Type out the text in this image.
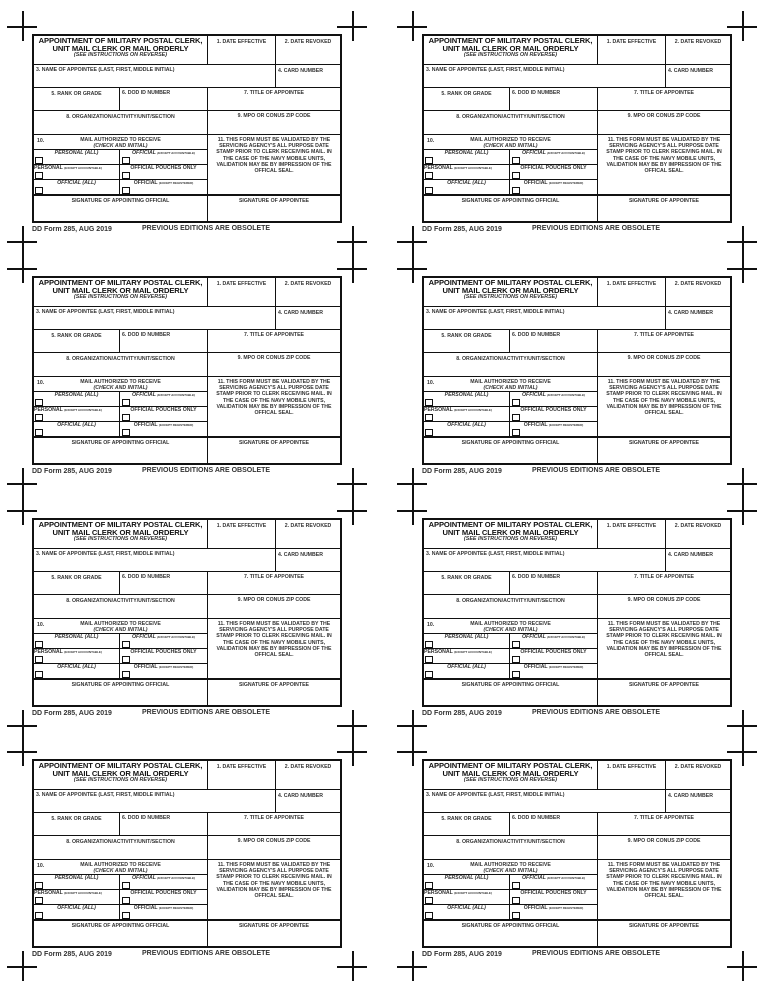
APPOINTMENT OF MILITARY POSTAL CLERK,
UNIT MAIL CLERK OR MAIL ORDERLY
(SEE INSTRUCTIONS ON REVERSE)
1. DATE EFFECTIVE	2. DATE REVOKED
3. NAME OF APPOINTEE (LAST, FIRST, MIDDLE INITIAL)	4. CARD NUMBER
5. RANK OR GRADE	6. DOD ID NUMBER	7. TITLE OF APPOINTEE
8. ORGANIZATION/ACTIVITY/UNIT/SECTION	9. MPO OR CONUS ZIP CODE
10.	MAIL AUTHORIZED TO RECEIVE
(CHECK AND INITIAL)
PERSONAL (ALL)	OFFICIAL (EXCEPT ACCOUNTABLE)
PERSONAL (EXCEPT ACCOUNTABLE)	OFFICIAL POUCHES ONLY
OFFICIAL (ALL)	OFFICIAL (EXCEPT REGISTERED)
11. THIS FORM MUST BE VALIDATED BY THE SERVICING AGENCY'S ALL PURPOSE DATE STAMP PRIOR TO CLERK RECEIVING MAIL. IN THE CASE OF THE NAVY MOBILE UNITS, VALIDATION MAY BE BY IMPRESSION OF THE OFFICAL SEAL.
SIGNATURE OF APPOINTING OFFICIAL	SIGNATURE OF APPOINTEE
DD Form 285, AUG 2019	PREVIOUS EDITIONS ARE OBSOLETE
APPOINTMENT OF MILITARY POSTAL CLERK,
UNIT MAIL CLERK OR MAIL ORDERLY
(SEE INSTRUCTIONS ON REVERSE)
1. DATE EFFECTIVE	2. DATE REVOKED
3. NAME OF APPOINTEE (LAST, FIRST, MIDDLE INITIAL)	4. CARD NUMBER
5. RANK OR GRADE	6. DOD ID NUMBER	7. TITLE OF APPOINTEE
8. ORGANIZATION/ACTIVITY/UNIT/SECTION	9. MPO OR CONUS ZIP CODE
10.	MAIL AUTHORIZED TO RECEIVE
(CHECK AND INITIAL)
PERSONAL (ALL)	OFFICIAL (EXCEPT ACCOUNTABLE)
PERSONAL (EXCEPT ACCOUNTABLE)	OFFICIAL POUCHES ONLY
OFFICIAL (ALL)	OFFICIAL (EXCEPT REGISTERED)
11. THIS FORM MUST BE VALIDATED BY THE SERVICING AGENCY'S ALL PURPOSE DATE STAMP PRIOR TO CLERK RECEIVING MAIL. IN THE CASE OF THE NAVY MOBILE UNITS, VALIDATION MAY BE BY IMPRESSION OF THE OFFICAL SEAL.
SIGNATURE OF APPOINTING OFFICIAL	SIGNATURE OF APPOINTEE
DD Form 285, AUG 2019	PREVIOUS EDITIONS ARE OBSOLETE
APPOINTMENT OF MILITARY POSTAL CLERK,
UNIT MAIL CLERK OR MAIL ORDERLY
(SEE INSTRUCTIONS ON REVERSE)
1. DATE EFFECTIVE	2. DATE REVOKED
3. NAME OF APPOINTEE (LAST, FIRST, MIDDLE INITIAL)	4. CARD NUMBER
5. RANK OR GRADE	6. DOD ID NUMBER	7. TITLE OF APPOINTEE
8. ORGANIZATION/ACTIVITY/UNIT/SECTION	9. MPO OR CONUS ZIP CODE
10.	MAIL AUTHORIZED TO RECEIVE
(CHECK AND INITIAL)
PERSONAL (ALL)	OFFICIAL (EXCEPT ACCOUNTABLE)
PERSONAL (EXCEPT ACCOUNTABLE)	OFFICIAL POUCHES ONLY
OFFICIAL (ALL)	OFFICIAL (EXCEPT REGISTERED)
11. THIS FORM MUST BE VALIDATED BY THE SERVICING AGENCY'S ALL PURPOSE DATE STAMP PRIOR TO CLERK RECEIVING MAIL. IN THE CASE OF THE NAVY MOBILE UNITS, VALIDATION MAY BE BY IMPRESSION OF THE OFFICAL SEAL.
SIGNATURE OF APPOINTING OFFICIAL	SIGNATURE OF APPOINTEE
DD Form 285, AUG 2019	PREVIOUS EDITIONS ARE OBSOLETE
APPOINTMENT OF MILITARY POSTAL CLERK,
UNIT MAIL CLERK OR MAIL ORDERLY
(SEE INSTRUCTIONS ON REVERSE)
1. DATE EFFECTIVE	2. DATE REVOKED
3. NAME OF APPOINTEE (LAST, FIRST, MIDDLE INITIAL)	4. CARD NUMBER
5. RANK OR GRADE	6. DOD ID NUMBER	7. TITLE OF APPOINTEE
8. ORGANIZATION/ACTIVITY/UNIT/SECTION	9. MPO OR CONUS ZIP CODE
10.	MAIL AUTHORIZED TO RECEIVE
(CHECK AND INITIAL)
PERSONAL (ALL)	OFFICIAL (EXCEPT ACCOUNTABLE)
PERSONAL (EXCEPT ACCOUNTABLE)	OFFICIAL POUCHES ONLY
OFFICIAL (ALL)	OFFICIAL (EXCEPT REGISTERED)
11. THIS FORM MUST BE VALIDATED BY THE SERVICING AGENCY'S ALL PURPOSE DATE STAMP PRIOR TO CLERK RECEIVING MAIL. IN THE CASE OF THE NAVY MOBILE UNITS, VALIDATION MAY BE BY IMPRESSION OF THE OFFICAL SEAL.
SIGNATURE OF APPOINTING OFFICIAL	SIGNATURE OF APPOINTEE
DD Form 285, AUG 2019	PREVIOUS EDITIONS ARE OBSOLETE
APPOINTMENT OF MILITARY POSTAL CLERK,
UNIT MAIL CLERK OR MAIL ORDERLY
(SEE INSTRUCTIONS ON REVERSE)
1. DATE EFFECTIVE	2. DATE REVOKED
3. NAME OF APPOINTEE (LAST, FIRST, MIDDLE INITIAL)	4. CARD NUMBER
5. RANK OR GRADE	6. DOD ID NUMBER	7. TITLE OF APPOINTEE
8. ORGANIZATION/ACTIVITY/UNIT/SECTION	9. MPO OR CONUS ZIP CODE
10.	MAIL AUTHORIZED TO RECEIVE
(CHECK AND INITIAL)
PERSONAL (ALL)	OFFICIAL (EXCEPT ACCOUNTABLE)
PERSONAL (EXCEPT ACCOUNTABLE)	OFFICIAL POUCHES ONLY
OFFICIAL (ALL)	OFFICIAL (EXCEPT REGISTERED)
11. THIS FORM MUST BE VALIDATED BY THE SERVICING AGENCY'S ALL PURPOSE DATE STAMP PRIOR TO CLERK RECEIVING MAIL. IN THE CASE OF THE NAVY MOBILE UNITS, VALIDATION MAY BE BY IMPRESSION OF THE OFFICAL SEAL.
SIGNATURE OF APPOINTING OFFICIAL	SIGNATURE OF APPOINTEE
DD Form 285, AUG 2019	PREVIOUS EDITIONS ARE OBSOLETE
APPOINTMENT OF MILITARY POSTAL CLERK,
UNIT MAIL CLERK OR MAIL ORDERLY
(SEE INSTRUCTIONS ON REVERSE)
1. DATE EFFECTIVE	2. DATE REVOKED
3. NAME OF APPOINTEE (LAST, FIRST, MIDDLE INITIAL)	4. CARD NUMBER
5. RANK OR GRADE	6. DOD ID NUMBER	7. TITLE OF APPOINTEE
8. ORGANIZATION/ACTIVITY/UNIT/SECTION	9. MPO OR CONUS ZIP CODE
10.	MAIL AUTHORIZED TO RECEIVE
(CHECK AND INITIAL)
PERSONAL (ALL)	OFFICIAL (EXCEPT ACCOUNTABLE)
PERSONAL (EXCEPT ACCOUNTABLE)	OFFICIAL POUCHES ONLY
OFFICIAL (ALL)	OFFICIAL (EXCEPT REGISTERED)
11. THIS FORM MUST BE VALIDATED BY THE SERVICING AGENCY'S ALL PURPOSE DATE STAMP PRIOR TO CLERK RECEIVING MAIL. IN THE CASE OF THE NAVY MOBILE UNITS, VALIDATION MAY BE BY IMPRESSION OF THE OFFICAL SEAL.
SIGNATURE OF APPOINTING OFFICIAL	SIGNATURE OF APPOINTEE
DD Form 285, AUG 2019	PREVIOUS EDITIONS ARE OBSOLETE
APPOINTMENT OF MILITARY POSTAL CLERK,
UNIT MAIL CLERK OR MAIL ORDERLY
(SEE INSTRUCTIONS ON REVERSE)
1. DATE EFFECTIVE	2. DATE REVOKED
3. NAME OF APPOINTEE (LAST, FIRST, MIDDLE INITIAL)	4. CARD NUMBER
5. RANK OR GRADE	6. DOD ID NUMBER	7. TITLE OF APPOINTEE
8. ORGANIZATION/ACTIVITY/UNIT/SECTION	9. MPO OR CONUS ZIP CODE
10.	MAIL AUTHORIZED TO RECEIVE
(CHECK AND INITIAL)
PERSONAL (ALL)	OFFICIAL (EXCEPT ACCOUNTABLE)
PERSONAL (EXCEPT ACCOUNTABLE)	OFFICIAL POUCHES ONLY
OFFICIAL (ALL)	OFFICIAL (EXCEPT REGISTERED)
11. THIS FORM MUST BE VALIDATED BY THE SERVICING AGENCY'S ALL PURPOSE DATE STAMP PRIOR TO CLERK RECEIVING MAIL. IN THE CASE OF THE NAVY MOBILE UNITS, VALIDATION MAY BE BY IMPRESSION OF THE OFFICAL SEAL.
SIGNATURE OF APPOINTING OFFICIAL	SIGNATURE OF APPOINTEE
DD Form 285, AUG 2019	PREVIOUS EDITIONS ARE OBSOLETE
APPOINTMENT OF MILITARY POSTAL CLERK,
UNIT MAIL CLERK OR MAIL ORDERLY
(SEE INSTRUCTIONS ON REVERSE)
1. DATE EFFECTIVE	2. DATE REVOKED
3. NAME OF APPOINTEE (LAST, FIRST, MIDDLE INITIAL)	4. CARD NUMBER
5. RANK OR GRADE	6. DOD ID NUMBER	7. TITLE OF APPOINTEE
8. ORGANIZATION/ACTIVITY/UNIT/SECTION	9. MPO OR CONUS ZIP CODE
10.	MAIL AUTHORIZED TO RECEIVE
(CHECK AND INITIAL)
PERSONAL (ALL)	OFFICIAL (EXCEPT ACCOUNTABLE)
PERSONAL (EXCEPT ACCOUNTABLE)	OFFICIAL POUCHES ONLY
OFFICIAL (ALL)	OFFICIAL (EXCEPT REGISTERED)
11. THIS FORM MUST BE VALIDATED BY THE SERVICING AGENCY'S ALL PURPOSE DATE STAMP PRIOR TO CLERK RECEIVING MAIL. IN THE CASE OF THE NAVY MOBILE UNITS, VALIDATION MAY BE BY IMPRESSION OF THE OFFICAL SEAL.
SIGNATURE OF APPOINTING OFFICIAL	SIGNATURE OF APPOINTEE
DD Form 285, AUG 2019	PREVIOUS EDITIONS ARE OBSOLETE
